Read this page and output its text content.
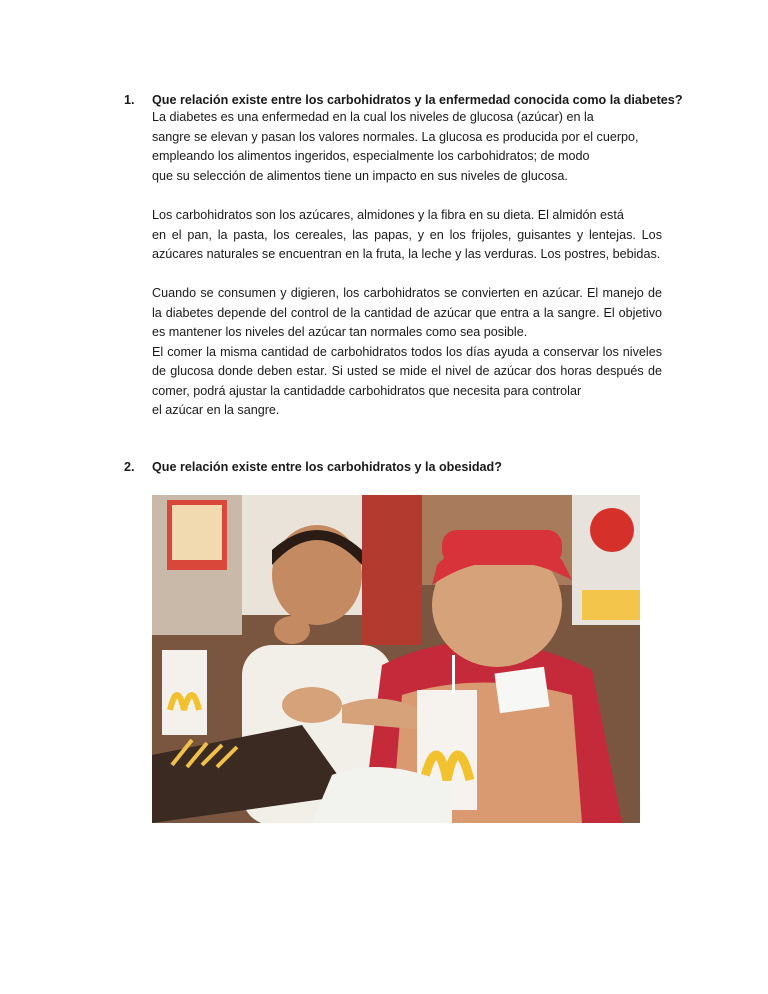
1. Que relación existe entre los carbohidratos y la enfermedad conocida como la diabetes?

La diabetes es una enfermedad en la cual los niveles de glucosa (azúcar) en la

sangre se elevan y pasan los valores normales. La glucosa es producida por el cuerpo,

empleando los alimentos ingeridos, especialmente los carbohidratos; de modo

que su selección de alimentos tiene un impacto en sus niveles de glucosa.

Los carbohidratos son los azúcares, almidones y la fibra en su dieta. El almidón está

en el pan, la pasta, los cereales, las papas, y en los frijoles, guisantes y lentejas. Los

azúcares naturales se encuentran en la fruta, la leche y las verduras. Los postres, bebidas.

Cuando se consumen y digieren, los carbohidratos se convierten en azúcar. El manejo de

la diabetes depende del control de la cantidad de azúcar que entra a la sangre. El objetivo

es mantener los niveles del azúcar tan normales como sea posible.

El comer la misma cantidad de carbohidratos todos los días ayuda a conservar los niveles

de glucosa donde deben estar. Si usted se mide el nivel de azúcar dos horas después de

comer, podrá ajustar la cantidadde carbohidratos que necesita para controlar

el azúcar en la sangre.

2. Que relación existe entre los carbohidratos y la obesidad?
